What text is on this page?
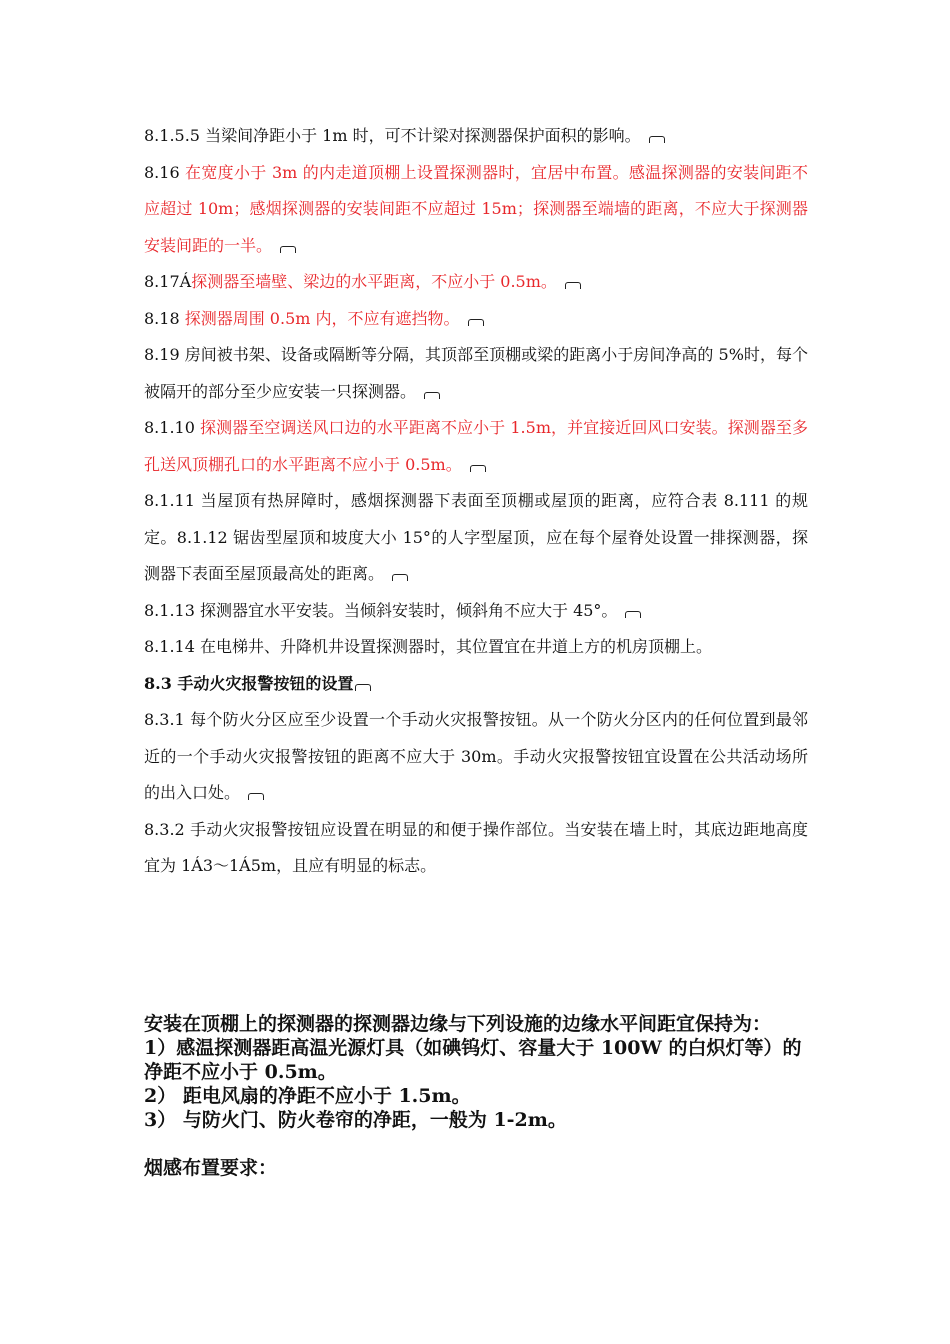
8.1.5.5 当梁间净距小于 1m 时，可不计梁对探测器保护面积的影响。

8.16 在宽度小于 3m 的内走道顶棚上设置探测器时，宜居中布置。感温探测器的安装间距不应超过 10m；感烟探测器的安装间距不应超过 15m；探测器至端墙的距离，不应大于探测器安装间距的一半。

8.17Á探测器至墙壁、梁边的水平距离，不应小于 0.5m。

8.18 探测器周围 0.5m 内，不应有遮挡物。

8.19 房间被书架、设备或隔断等分隔，其顶部至顶棚或梁的距离小于房间净高的 5%时，每个被隔开的部分至少应安装一只探测器。

8.1.10 探测器至空调送风口边的水平距离不应小于 1.5m，并宜接近回风口安装。探测器至多孔送风顶棚孔口的水平距离不应小于 0.5m。

8.1.11 当屋顶有热屏障时，感烟探测器下表面至顶棚或屋顶的距离，应符合表 8.111 的规定。8.1.12 锯齿型屋顶和坡度大小 15°的人字型屋顶，应在每个屋脊处设置一排探测器，探测器下表面至屋顶最高处的距离。

8.1.13 探测器宜水平安装。当倾斜安装时，倾斜角不应大于 45°。

8.1.14 在电梯井、升降机井设置探测器时，其位置宜在井道上方的机房顶棚上。

8.3 手动火灾报警按钮的设置

8.3.1 每个防火分区应至少设置一个手动火灾报警按钮。从一个防火分区内的任何位置到最邻近的一个手动火灾报警按钮的距离不应大于 30m。手动火灾报警按钮宜设置在公共活动场所的出入口处。

8.3.2 手动火灾报警按钮应设置在明显的和便于操作部位。当安装在墙上时，其底边距地高度宜为 1Á3～1Á5m，且应有明显的标志。

安装在顶棚上的探测器的探测器边缘与下列设施的边缘水平间距宜保持为：

1）感温探测器距高温光源灯具（如碘钨灯、容量大于 100W 的白炽灯等）的净距不应小于 0.5m。

2） 距电风扇的净距不应小于 1.5m。

3） 与防火门、防火卷帘的净距，一般为 1-2m。

烟感布置要求：
